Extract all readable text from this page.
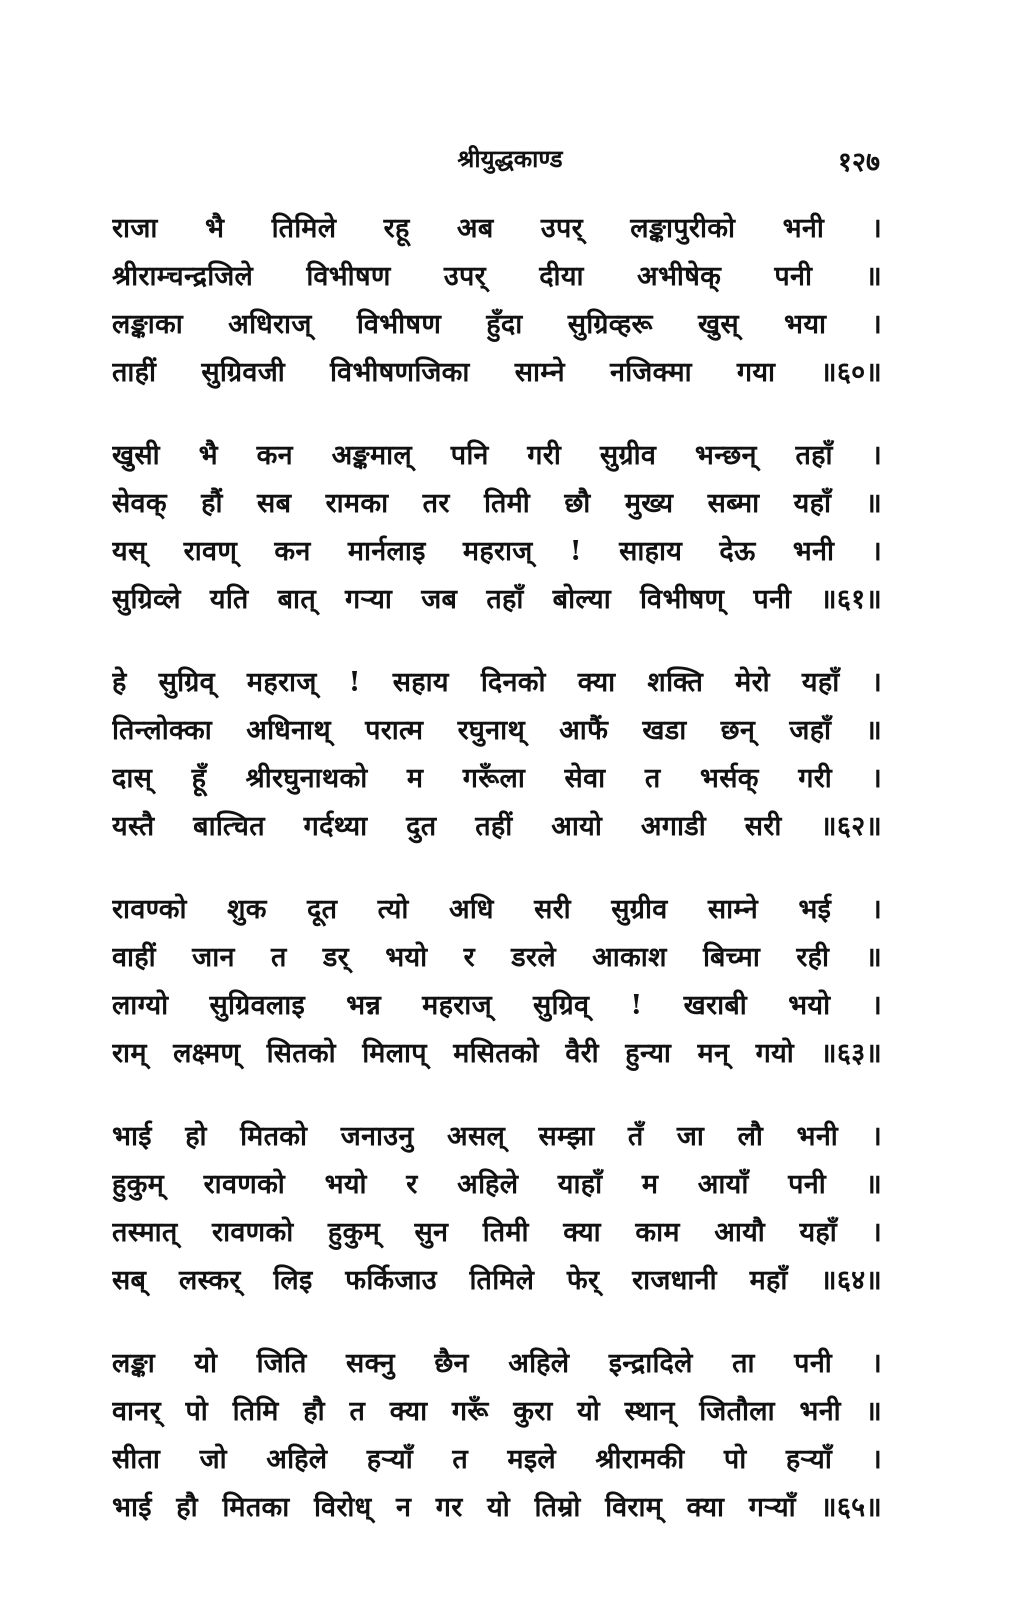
श्रीयुद्धकाण्ड	१२७
राजा भै तिमिले रहू अब उपर् लङ्कापुरीको भनी ।
श्रीराम्चन्द्रजिले विभीषण उपर् दीया अभीषेक् पनी ॥
लङ्काका अधिराज् विभीषण हुँदा सुग्रिव्हरू खुस् भया ।
ताहीं सुग्रिवजी विभीषणजिका साम्ने नजिक्मा गया ॥६०॥
खुसी भै कन अङ्कमाल् पनि गरी सुग्रीव भन्छन् तहाँ ।
सेवक् हौं सब रामका तर तिमी छौ मुख्य सब्मा यहाँ ॥
यस् रावण् कन मार्नलाइ महराज् ! साहाय देऊ भनी ।
सुग्रिव्ले यति बात् गऱ्या जब तहाँ बोल्या विभीषण् पनी ॥६१॥
हे सुग्रिव् महराज् ! सहाय दिनको क्या शक्ति मेरो यहाँ ।
तिन्लोक्का अधिनाथ् परात्म रघुनाथ् आफैं खडा छन् जहाँ ॥
दास् हूँ श्रीरघुनाथको म गरूँला सेवा त भर्सक् गरी ।
यस्तै बात्चित गर्दथ्या दुत तहीं आयो अगाडी सरी ॥६२॥
रावण्को शुक दूत त्यो अधि सरी सुग्रीव साम्ने भई ।
वाहीं जान त डर् भयो र डरले आकाश बिच्मा रही ॥
लाग्यो सुग्रिवलाइ भन्न महराज् सुग्रिव् ! खराबी भयो ।
राम् लक्ष्मण् सितको मिलाप् मसितको वैरी हुन्या मन् गयो ॥६३॥
भाई हो मितको जनाउनु असल् सम्झा तँ जा लौ भनी ।
हुकुम् रावणको भयो र अहिले याहाँ म आयाँ पनी ॥
तस्मात् रावणको हुकुम् सुन तिमी क्या काम आयौ यहाँ ।
सब् लस्कर् लिइ फर्किजाउ तिमिले फेर् राजधानी महाँ ॥६४॥
लङ्का यो जिति सक्नु छैन अहिले इन्द्रादिले ता पनी ।
वानर् पो तिमि हौ त क्या गरूँ कुरा यो स्थान् जितौला भनी ॥
सीता जो अहिले हऱ्याँ त मइले श्रीरामकी पो हऱ्याँ ।
भाई हौ मितका विरोध् न गर यो तिम्रो विराम् क्या गऱ्याँ ॥६५॥
